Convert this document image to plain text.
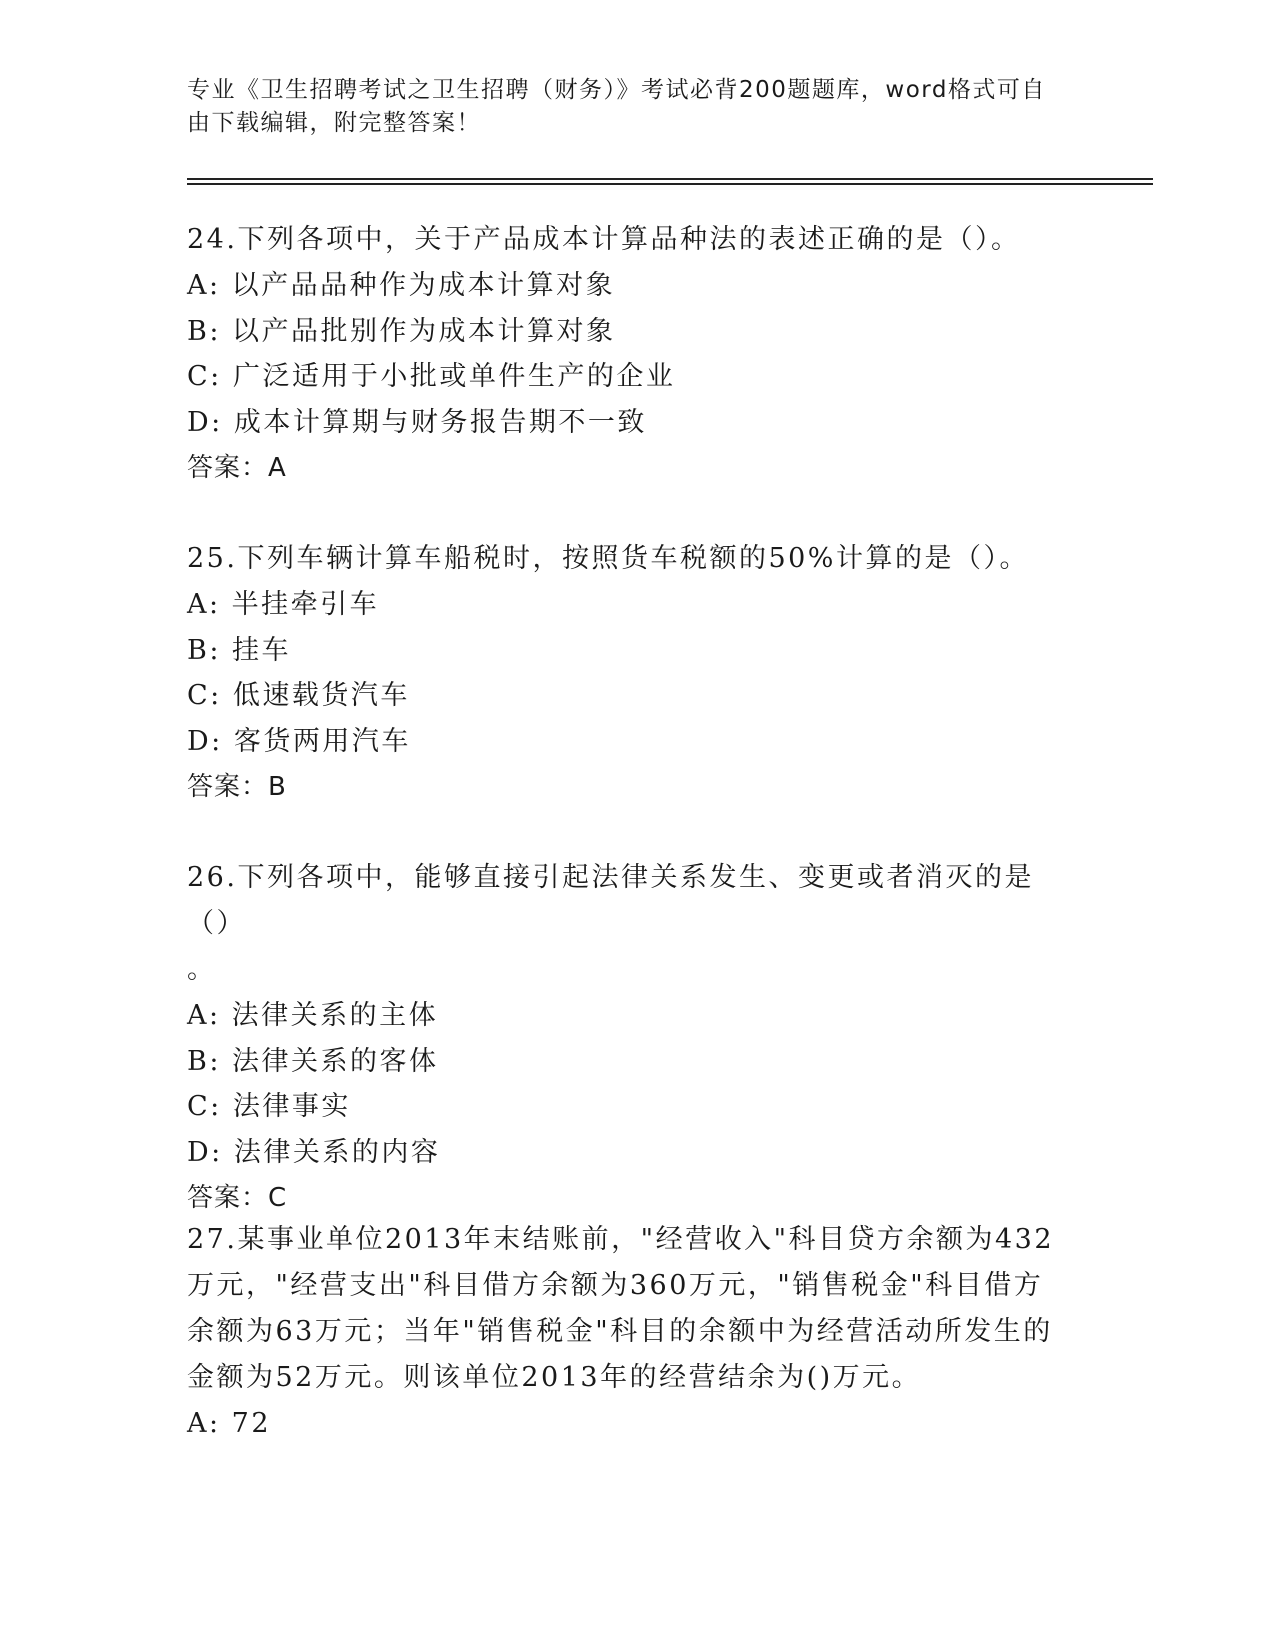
专业《卫生招聘考试之卫生招聘（财务）》考试必背200题题库，word格式可自
由下载编辑，附完整答案！
24.下列各项中，关于产品成本计算品种法的表述正确的是（）。
A: 以产品品种作为成本计算对象
B: 以产品批别作为成本计算对象
C: 广泛适用于小批或单件生产的企业
D: 成本计算期与财务报告期不一致
答案：A
25.下列车辆计算车船税时，按照货车税额的50%计算的是（）。
A: 半挂牵引车
B: 挂车
C: 低速载货汽车
D: 客货两用汽车
答案：B
26.下列各项中，能够直接引起法律关系发生、变更或者消灭的是（）
。
A: 法律关系的主体
B: 法律关系的客体
C: 法律事实
D: 法律关系的内容
答案：C
27.某事业单位2013年末结账前，"经营收入"科目贷方余额为432万元，"经营支出"科目借方余额为360万元，"销售税金"科目借方余额为63万元；当年"销售税金"科目的余额中为经营活动所发生的金额为52万元。则该单位2013年的经营结余为()万元。
A: 72
